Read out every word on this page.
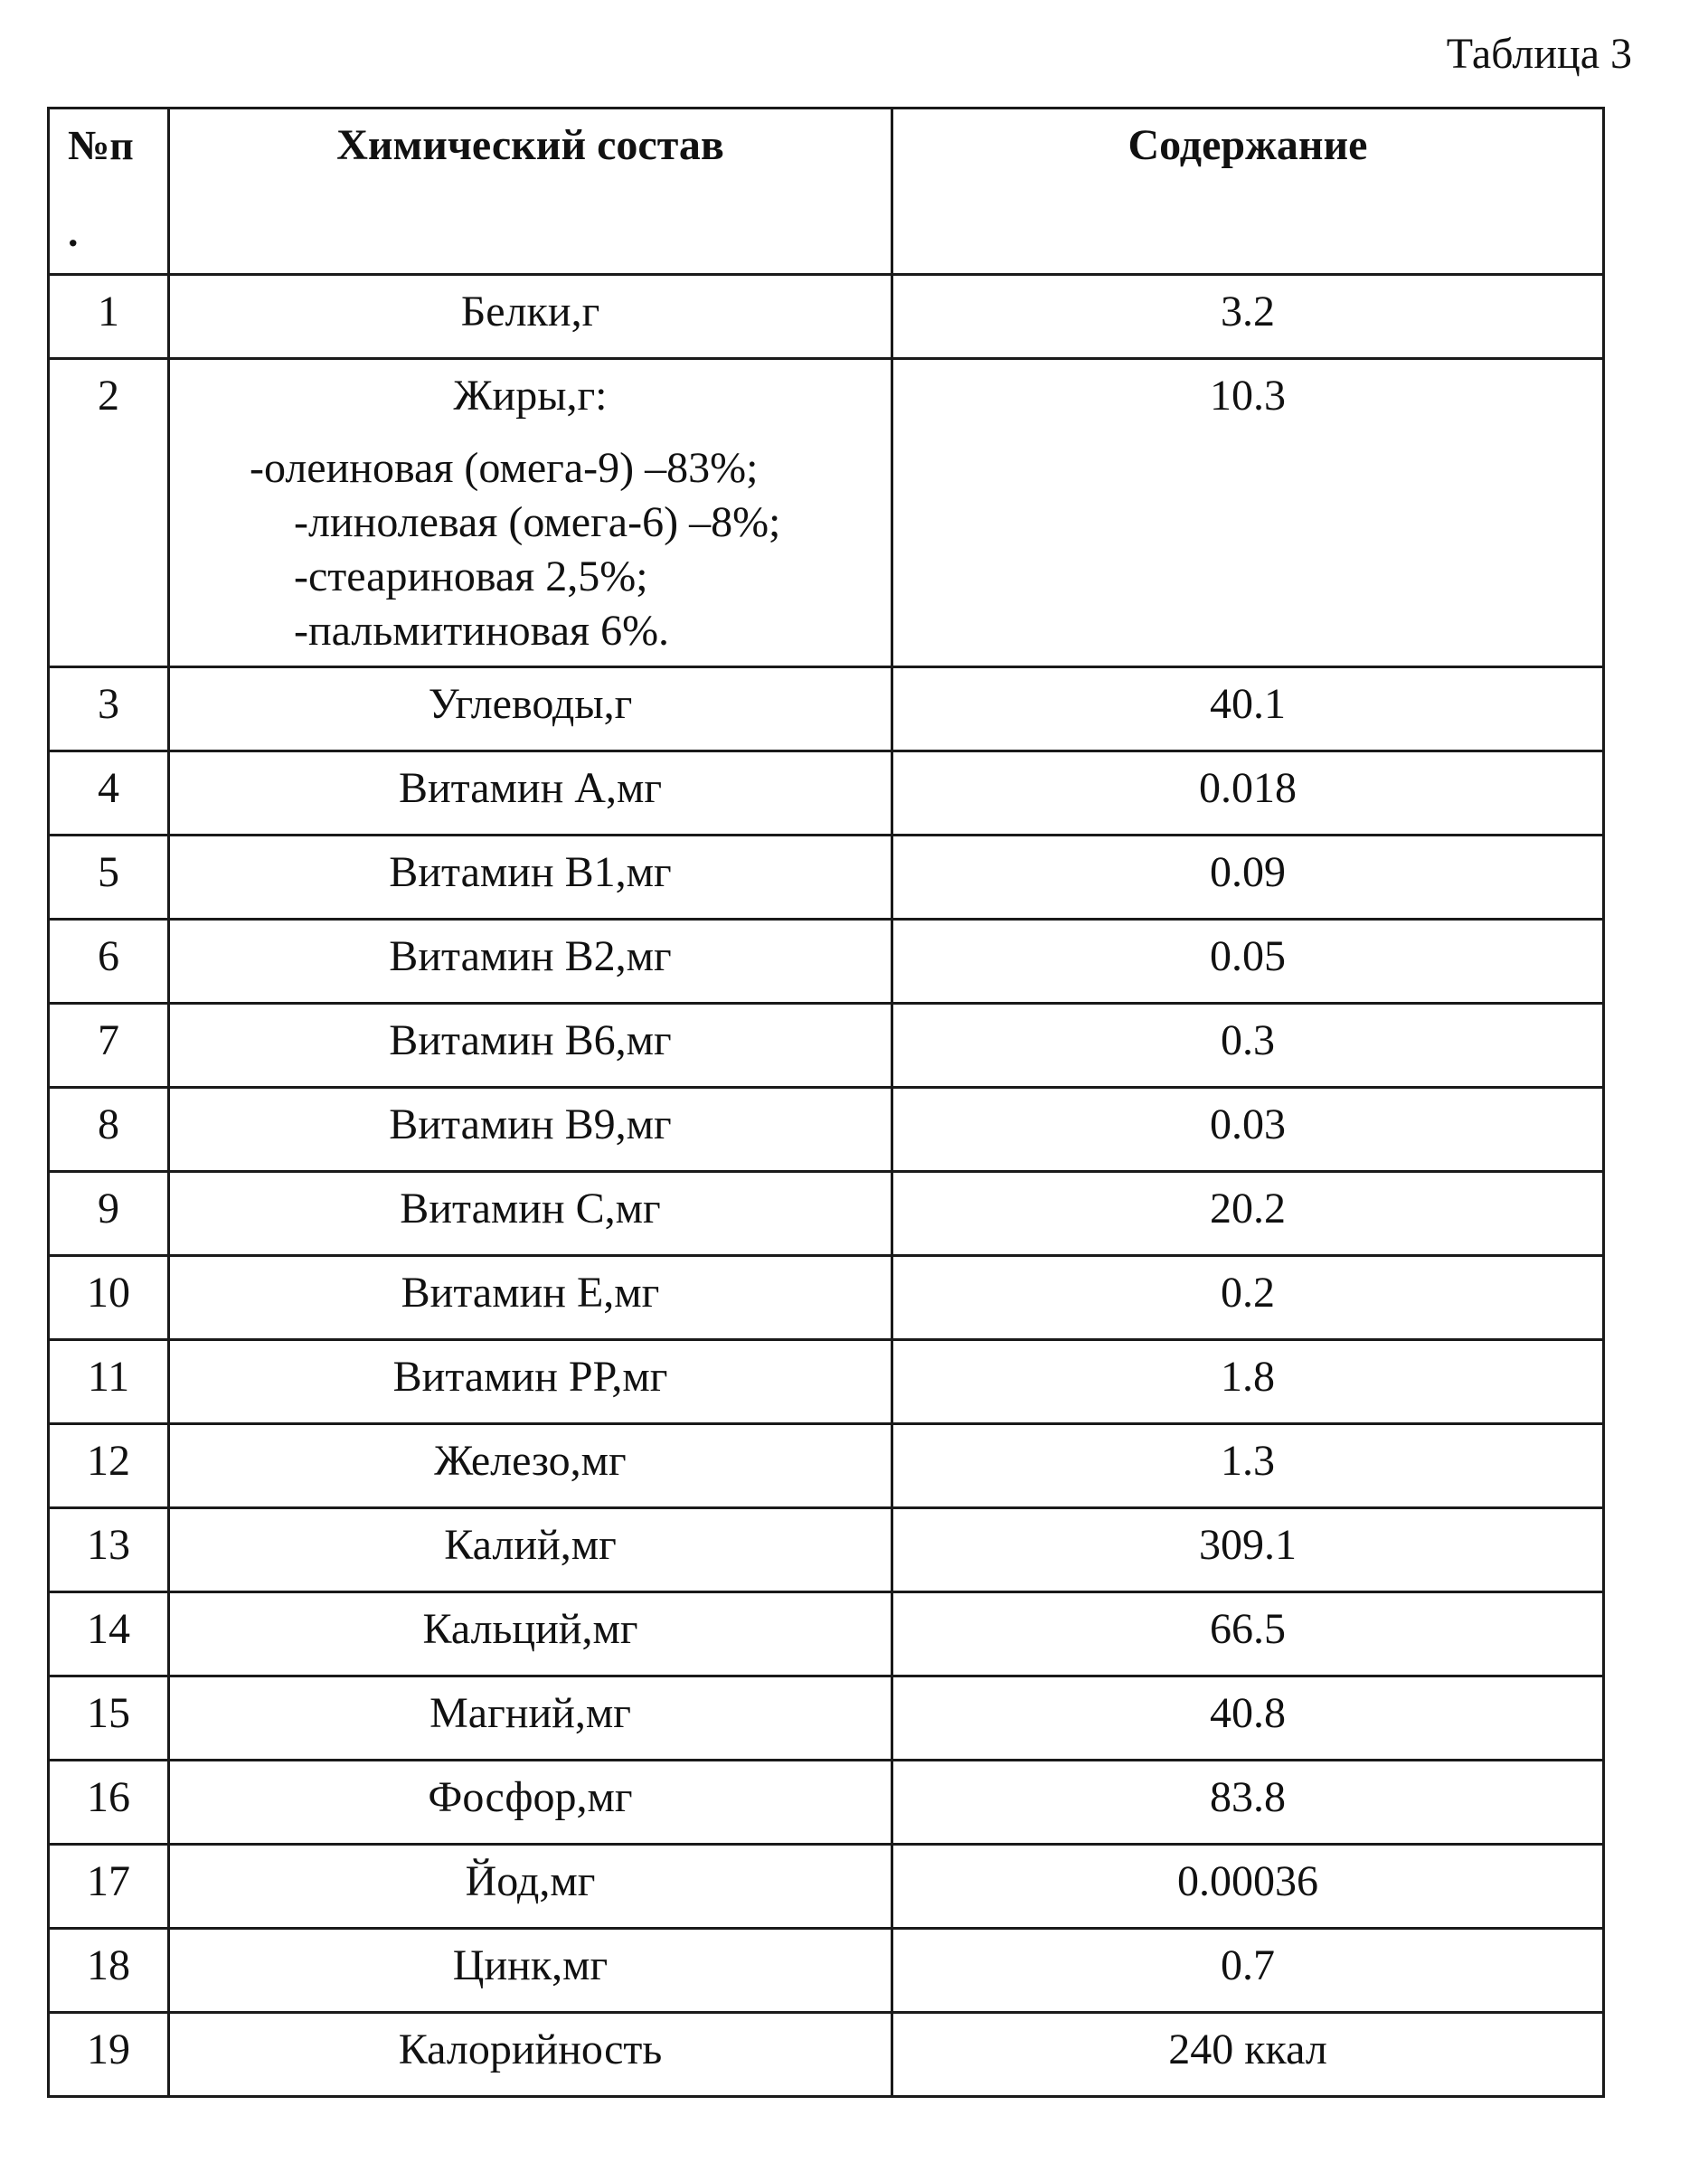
Таблица 3
№п
.	Химический состав	Содержание
1	Белки,г	3.2
2	Жиры,г:
-олеиновая (омега-9) –83%;
-линолевая (омега-6) –8%;
-стеариновая 2,5%;
-пальмитиновая 6%.	10.3
3	Углеводы,г	40.1
4	Витамин А,мг	0.018
5	Витамин В1,мг	0.09
6	Витамин В2,мг	0.05
7	Витамин В6,мг	0.3
8	Витамин В9,мг	0.03
9	Витамин С,мг	20.2
10	Витамин Е,мг	0.2
11	Витамин РР,мг	1.8
12	Железо,мг	1.3
13	Калий,мг	309.1
14	Кальций,мг	66.5
15	Магний,мг	40.8
16	Фосфор,мг	83.8
17	Йод,мг	0.00036
18	Цинк,мг	0.7
19	Калорийность	240 ккал
